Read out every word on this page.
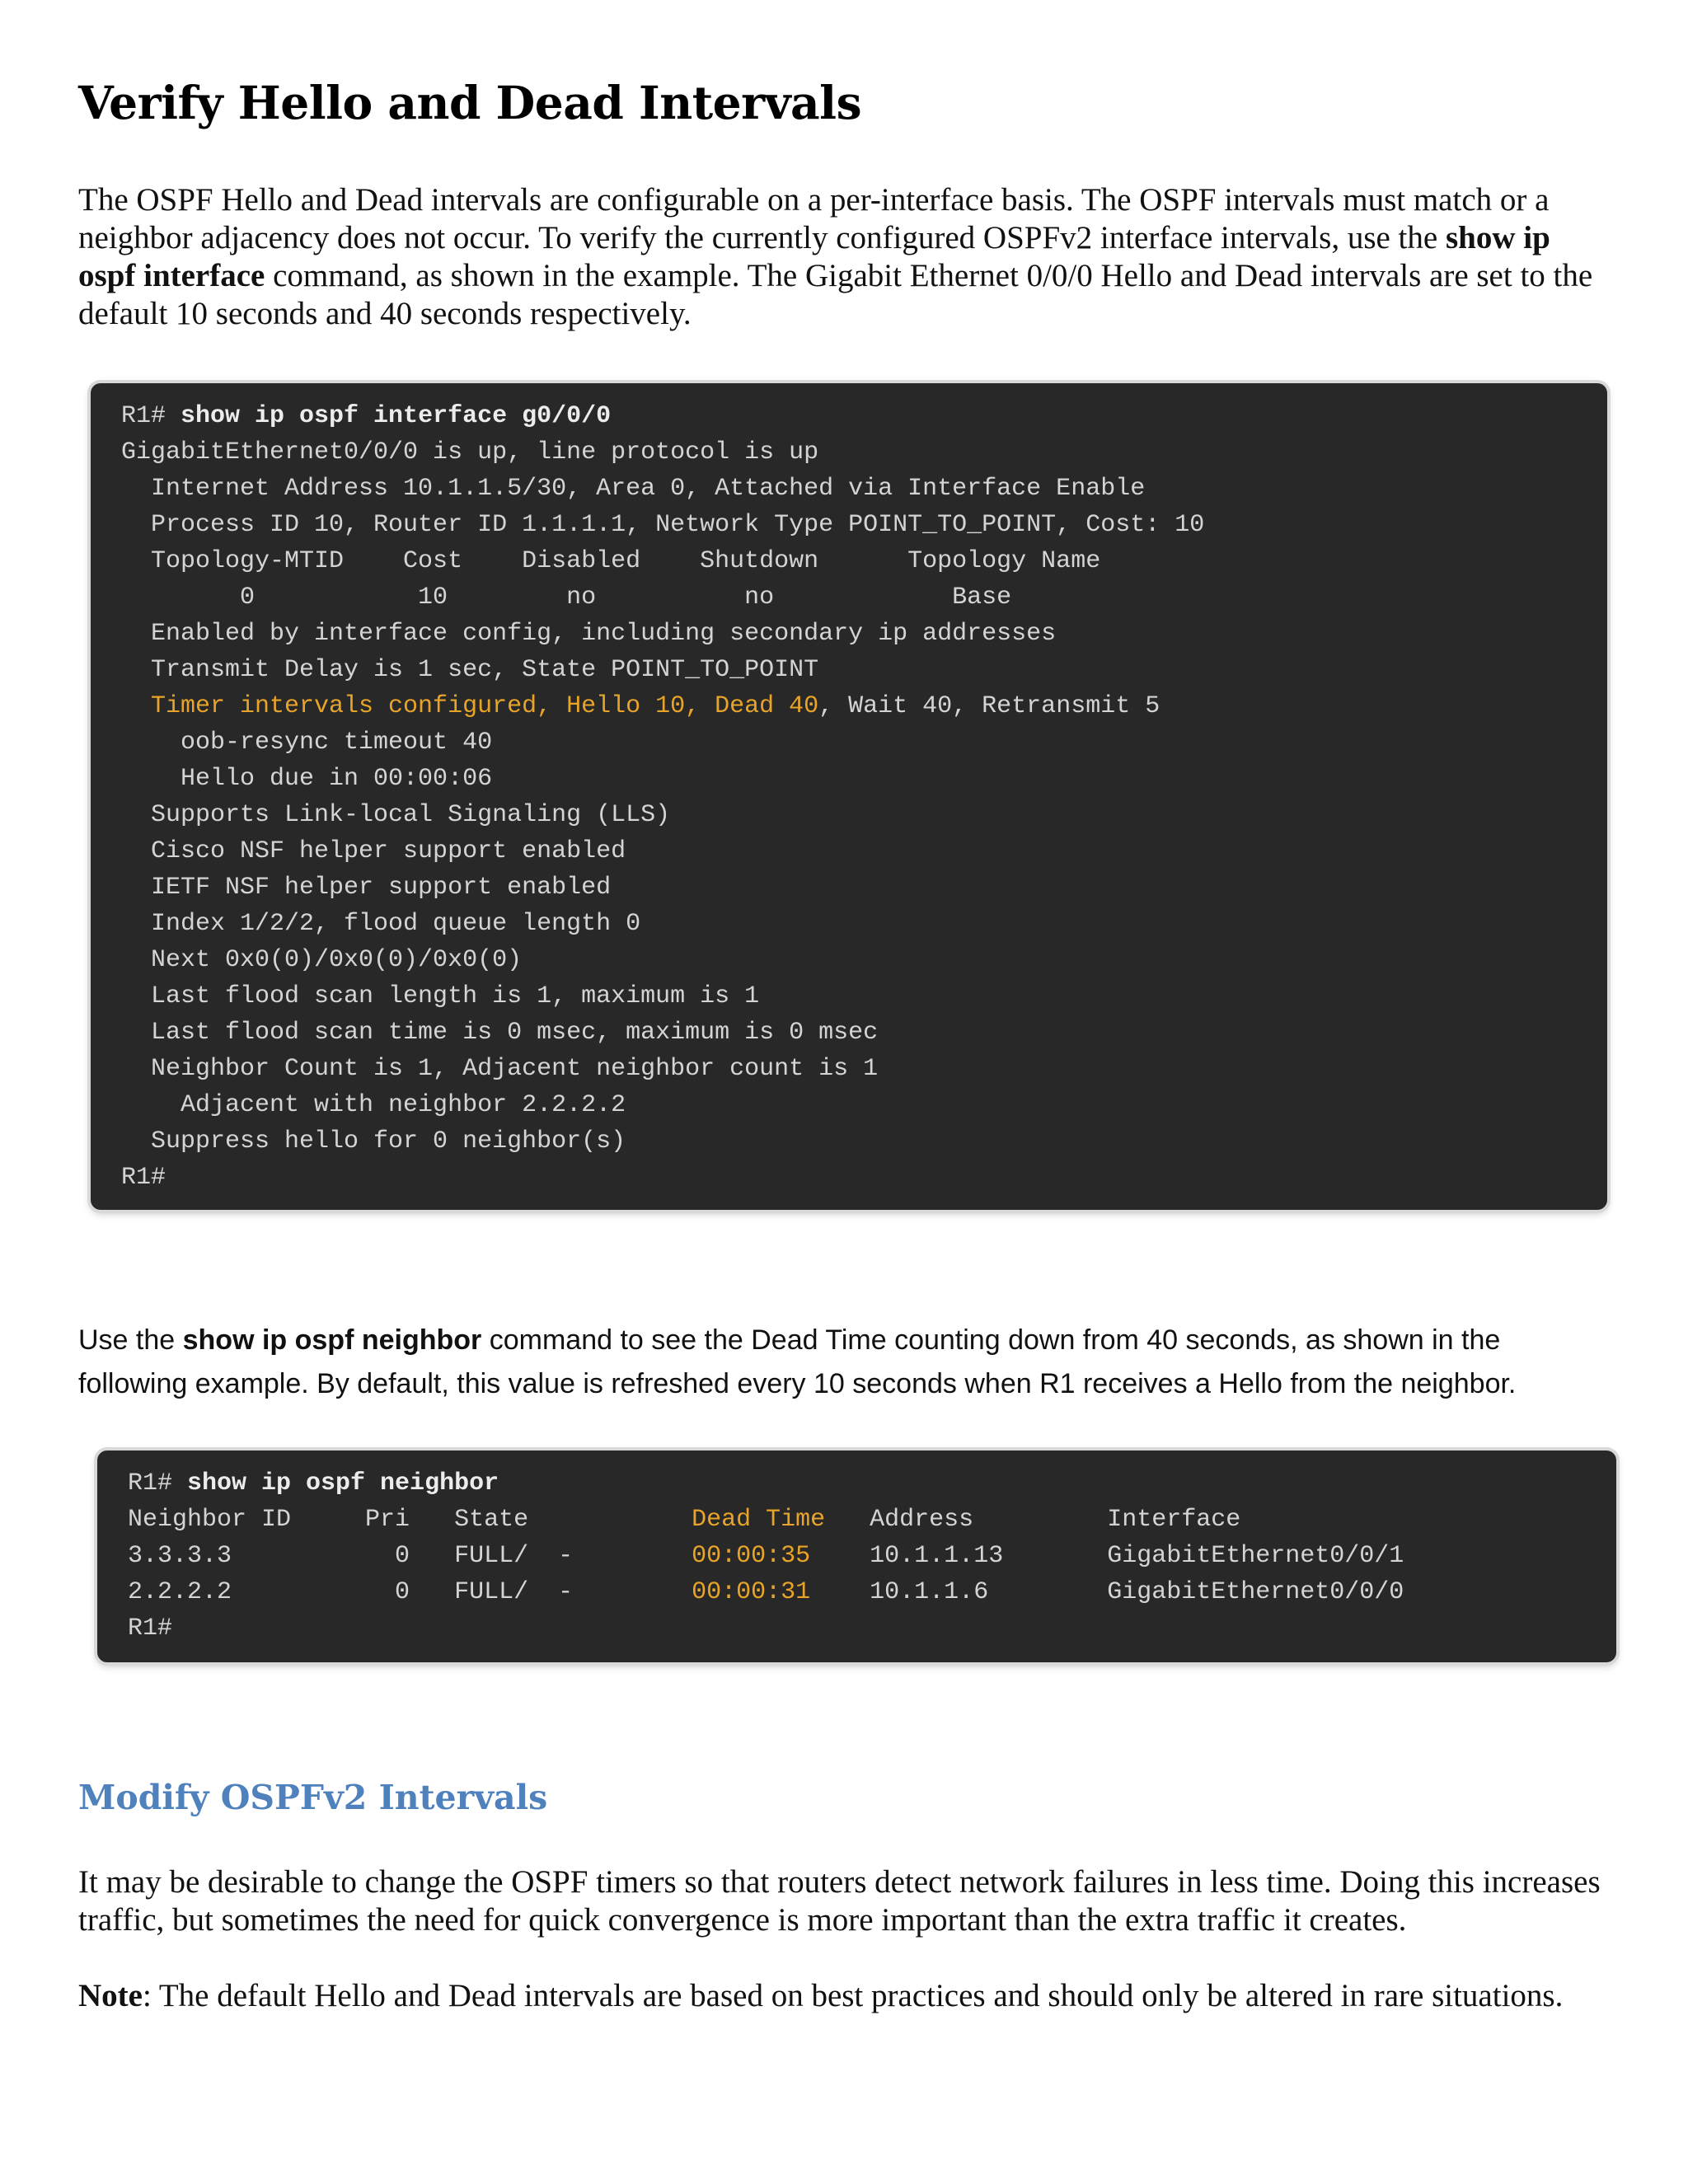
Verify Hello and Dead Intervals

The OSPF Hello and Dead intervals are configurable on a per-interface basis. The OSPF intervals must match or a neighbor adjacency does not occur. To verify the currently configured OSPFv2 interface intervals, use the show ip ospf interface command, as shown in the example. The Gigabit Ethernet 0/0/0 Hello and Dead intervals are set to the default 10 seconds and 40 seconds respectively.

R1# show ip ospf interface g0/0/0
GigabitEthernet0/0/0 is up, line protocol is up
Internet Address 10.1.1.5/30, Area 0, Attached via Interface Enable
Process ID 10, Router ID 1.1.1.1, Network Type POINT_TO_POINT, Cost: 10
Topology-MTID    Cost    Disabled    Shutdown      Topology Name
0           10        no          no            Base
Enabled by interface config, including secondary ip addresses
Transmit Delay is 1 sec, State POINT_TO_POINT
Timer intervals configured, Hello 10, Dead 40, Wait 40, Retransmit 5
oob-resync timeout 40
Hello due in 00:00:06
Supports Link-local Signaling (LLS)
Cisco NSF helper support enabled
IETF NSF helper support enabled
Index 1/2/2, flood queue length 0
Next 0x0(0)/0x0(0)/0x0(0)
Last flood scan length is 1, maximum is 1
Last flood scan time is 0 msec, maximum is 0 msec
Neighbor Count is 1, Adjacent neighbor count is 1
Adjacent with neighbor 2.2.2.2
Suppress hello for 0 neighbor(s)
R1#

Use the show ip ospf neighbor command to see the Dead Time counting down from 40 seconds, as shown in the following example. By default, this value is refreshed every 10 seconds when R1 receives a Hello from the neighbor.

R1# show ip ospf neighbor
Neighbor ID     Pri   State           Dead Time   Address         Interface
3.3.3.3           0   FULL/  -        00:00:35    10.1.1.13       GigabitEthernet0/0/1
2.2.2.2           0   FULL/  -        00:00:31    10.1.1.6        GigabitEthernet0/0/0
R1#
Modify OSPFv2 Intervals

It may be desirable to change the OSPF timers so that routers detect network failures in less time. Doing this increases traffic, but sometimes the need for quick convergence is more important than the extra traffic it creates.

Note: The default Hello and Dead intervals are based on best practices and should only be altered in rare situations.
